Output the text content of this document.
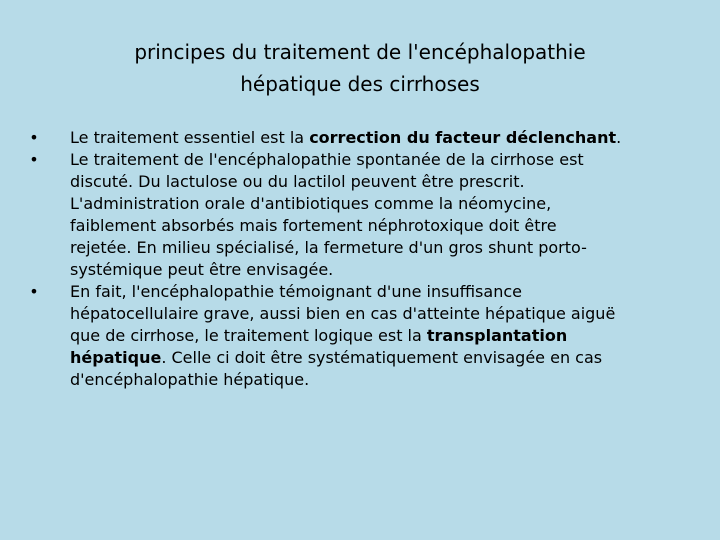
principes du traitement de l'encéphalopathie
hépatique des cirrhoses
• Le traitement essentiel est la correction du facteur déclenchant.
• Le traitement de l'encéphalopathie spontanée de la cirrhose est
discuté. Du lactulose ou du lactilol peuvent être prescrit.
L'administration orale d'antibiotiques comme la néomycine,
faiblement absorbés mais fortement néphrotoxique doit être
rejetée. En milieu spécialisé, la fermeture d'un gros shunt porto-
systémique peut être envisagée.
• En fait, l'encéphalopathie témoignant d'une insuffisance
hépatocellulaire grave, aussi bien en cas d'atteinte hépatique aiguë
que de cirrhose, le traitement logique est la transplantation
hépatique. Celle ci doit être systématiquement envisagée en cas
d'encéphalopathie hépatique.
